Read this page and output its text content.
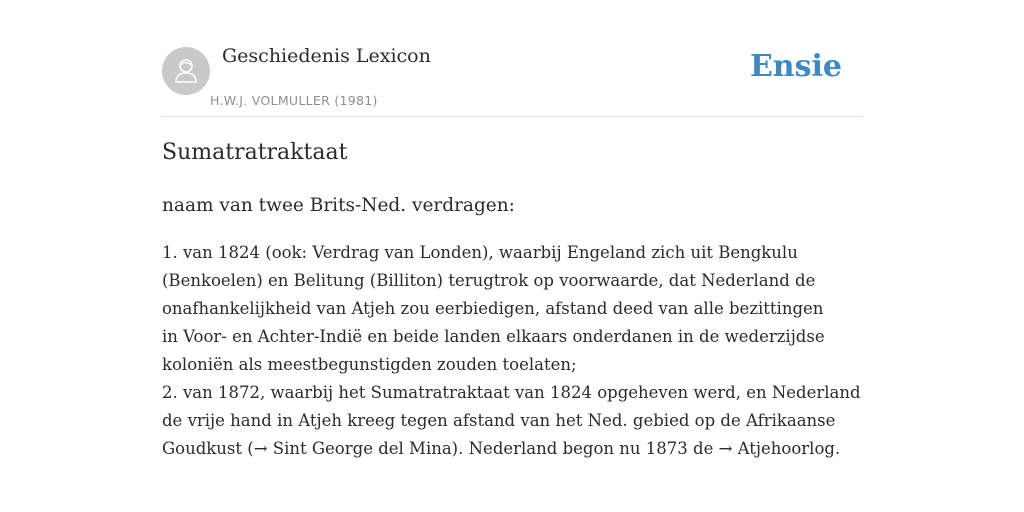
Geschiedenis Lexicon
H.W.J. VOLMULLER (1981)
Ensie
Sumatratraktaat

naam van twee Brits-Ned. verdragen:

1. van 1824 (ook: Verdrag van Londen), waarbij Engeland zich uit Bengkulu
(Benkoelen) en Belitung (Billiton) terugtrok op voorwaarde, dat Nederland de
onafhankelijkheid van Atjeh zou eerbiedigen, afstand deed van alle bezittingen
in Voor- en Achter-Indië en beide landen elkaars onderdanen in de wederzijdse
koloniën als meestbegunstigden zouden toelaten;
2. van 1872, waarbij het Sumatratraktaat van 1824 opgeheven werd, en Nederland
de vrije hand in Atjeh kreeg tegen afstand van het Ned. gebied op de Afrikaanse
Goudkust (→ Sint George del Mina). Nederland begon nu 1873 de → Atjehoorlog.
